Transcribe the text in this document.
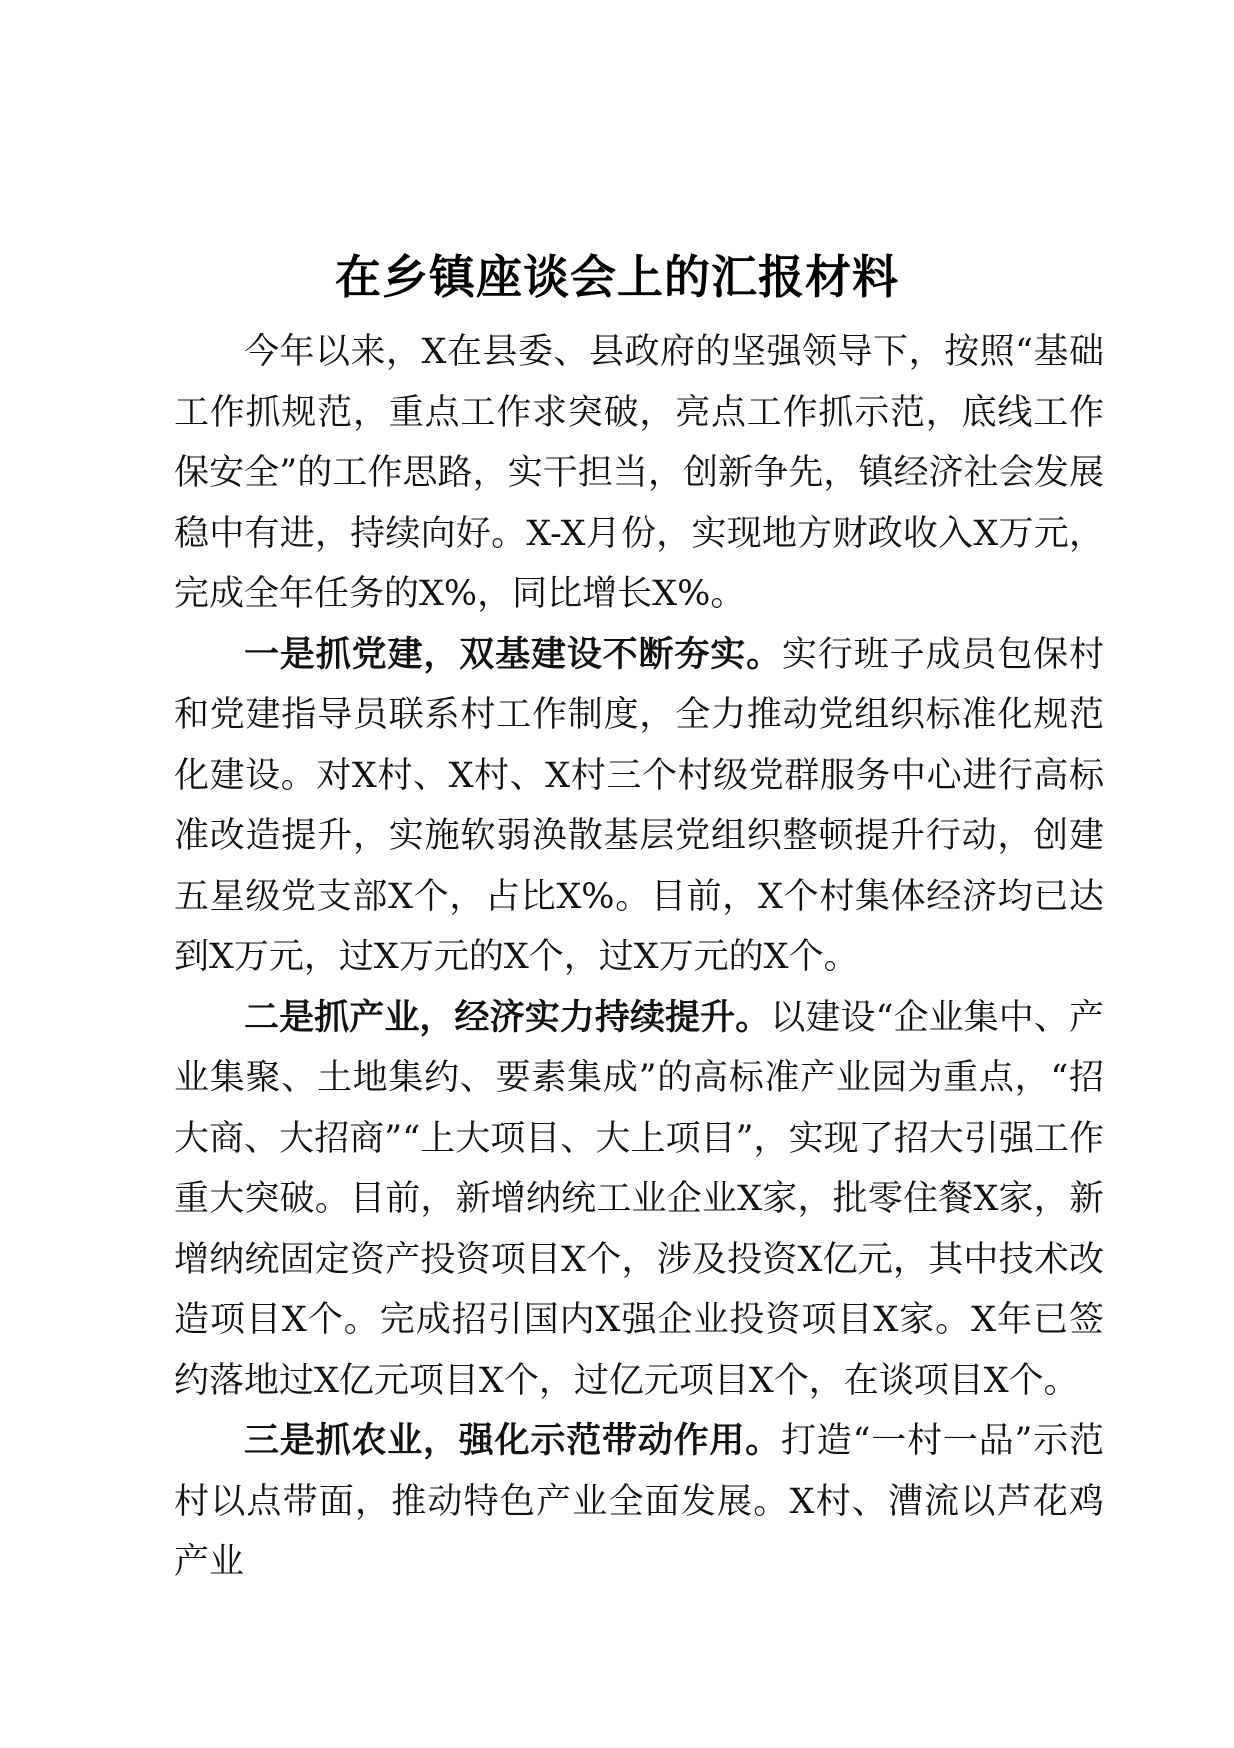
在乡镇座谈会上的汇报材料

今年以来，X在县委、县政府的坚强领导下，按照“基础工作抓规范，重点工作求突破，亮点工作抓示范，底线工作保安全”的工作思路，实干担当，创新争先，镇经济社会发展稳中有进，持续向好。X-X月份，实现地方财政收入X万元，完成全年任务的X%，同比增长X%。

一是抓党建，双基建设不断夯实。实行班子成员包保村和党建指导员联系村工作制度，全力推动党组织标准化规范化建设。对X村、X村、X村三个村级党群服务中心进行高标准改造提升，实施软弱涣散基层党组织整顿提升行动，创建五星级党支部X个，占比X%。目前，X个村集体经济均已达到X万元，过X万元的X个，过X万元的X个。

二是抓产业，经济实力持续提升。以建设“企业集中、产业集聚、土地集约、要素集成”的高标准产业园为重点，“招大商、大招商”“上大项目、大上项目”，实现了招大引强工作重大突破。目前，新增纳统工业企业X家，批零住餐X家，新增纳统固定资产投资项目X个，涉及投资X亿元，其中技术改造项目X个。完成招引国内X强企业投资项目X家。X年已签约落地过X亿元项目X个，过亿元项目X个，在谈项目X个。

三是抓农业，强化示范带动作用。打造“一村一品”示范村以点带面，推动特色产业全面发展。X村、漕流以芦花鸡产业
